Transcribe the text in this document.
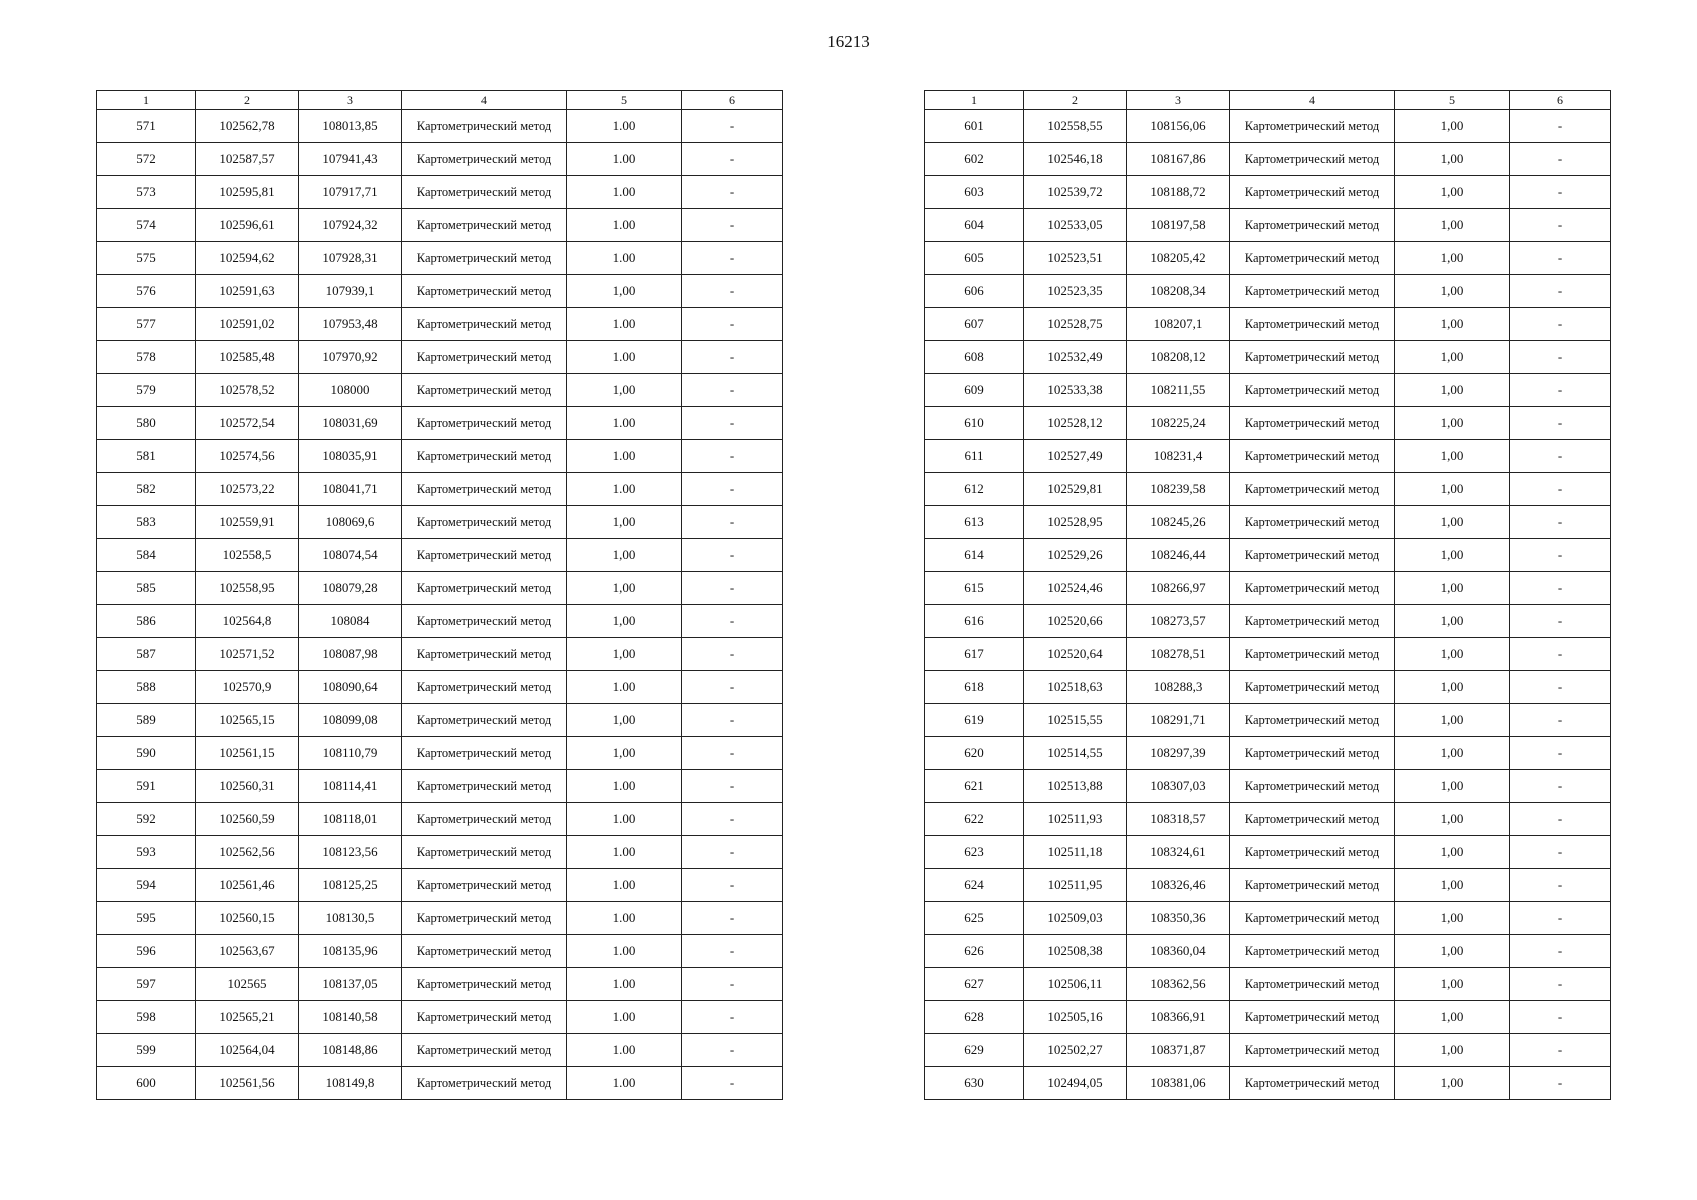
16213
1	2	3	4	5	6
571	102562,78	108013,85	Картометрический метод	1.00	-
572	102587,57	107941,43	Картометрический метод	1.00	-
573	102595,81	107917,71	Картометрический метод	1.00	-
574	102596,61	107924,32	Картометрический метод	1.00	-
575	102594,62	107928,31	Картометрический метод	1.00	-
576	102591,63	107939,1	Картометрический метод	1,00	-
577	102591,02	107953,48	Картометрический метод	1.00	-
578	102585,48	107970,92	Картометрический метод	1.00	-
579	102578,52	108000	Картометрический метод	1,00	-
580	102572,54	108031,69	Картометрический метод	1.00	-
581	102574,56	108035,91	Картометрический метод	1.00	-
582	102573,22	108041,71	Картометрический метод	1.00	-
583	102559,91	108069,6	Картометрический метод	1,00	-
584	102558,5	108074,54	Картометрический метод	1,00	-
585	102558,95	108079,28	Картометрический метод	1,00	-
586	102564,8	108084	Картометрический метод	1,00	-
587	102571,52	108087,98	Картометрический метод	1,00	-
588	102570,9	108090,64	Картометрический метод	1.00	-
589	102565,15	108099,08	Картометрический метод	1,00	-
590	102561,15	108110,79	Картометрический метод	1,00	-
591	102560,31	108114,41	Картометрический метод	1.00	-
592	102560,59	108118,01	Картометрический метод	1.00	-
593	102562,56	108123,56	Картометрический метод	1.00	-
594	102561,46	108125,25	Картометрический метод	1.00	-
595	102560,15	108130,5	Картометрический метод	1.00	-
596	102563,67	108135,96	Картометрический метод	1.00	-
597	102565	108137,05	Картометрический метод	1.00	-
598	102565,21	108140,58	Картометрический метод	1.00	-
599	102564,04	108148,86	Картометрический метод	1.00	-
600	102561,56	108149,8	Картометрический метод	1.00	-
1	2	3	4	5	6
601	102558,55	108156,06	Картометрический метод	1,00	-
602	102546,18	108167,86	Картометрический метод	1,00	-
603	102539,72	108188,72	Картометрический метод	1,00	-
604	102533,05	108197,58	Картометрический метод	1,00	-
605	102523,51	108205,42	Картометрический метод	1,00	-
606	102523,35	108208,34	Картометрический метод	1,00	-
607	102528,75	108207,1	Картометрический метод	1,00	-
608	102532,49	108208,12	Картометрический метод	1,00	-
609	102533,38	108211,55	Картометрический метод	1,00	-
610	102528,12	108225,24	Картометрический метод	1,00	-
611	102527,49	108231,4	Картометрический метод	1,00	-
612	102529,81	108239,58	Картометрический метод	1,00	-
613	102528,95	108245,26	Картометрический метод	1,00	-
614	102529,26	108246,44	Картометрический метод	1,00	-
615	102524,46	108266,97	Картометрический метод	1,00	-
616	102520,66	108273,57	Картометрический метод	1,00	-
617	102520,64	108278,51	Картометрический метод	1,00	-
618	102518,63	108288,3	Картометрический метод	1,00	-
619	102515,55	108291,71	Картометрический метод	1,00	-
620	102514,55	108297,39	Картометрический метод	1,00	-
621	102513,88	108307,03	Картометрический метод	1,00	-
622	102511,93	108318,57	Картометрический метод	1,00	-
623	102511,18	108324,61	Картометрический метод	1,00	-
624	102511,95	108326,46	Картометрический метод	1,00	-
625	102509,03	108350,36	Картометрический метод	1,00	-
626	102508,38	108360,04	Картометрический метод	1,00	-
627	102506,11	108362,56	Картометрический метод	1,00	-
628	102505,16	108366,91	Картометрический метод	1,00	-
629	102502,27	108371,87	Картометрический метод	1,00	-
630	102494,05	108381,06	Картометрический метод	1,00	-
